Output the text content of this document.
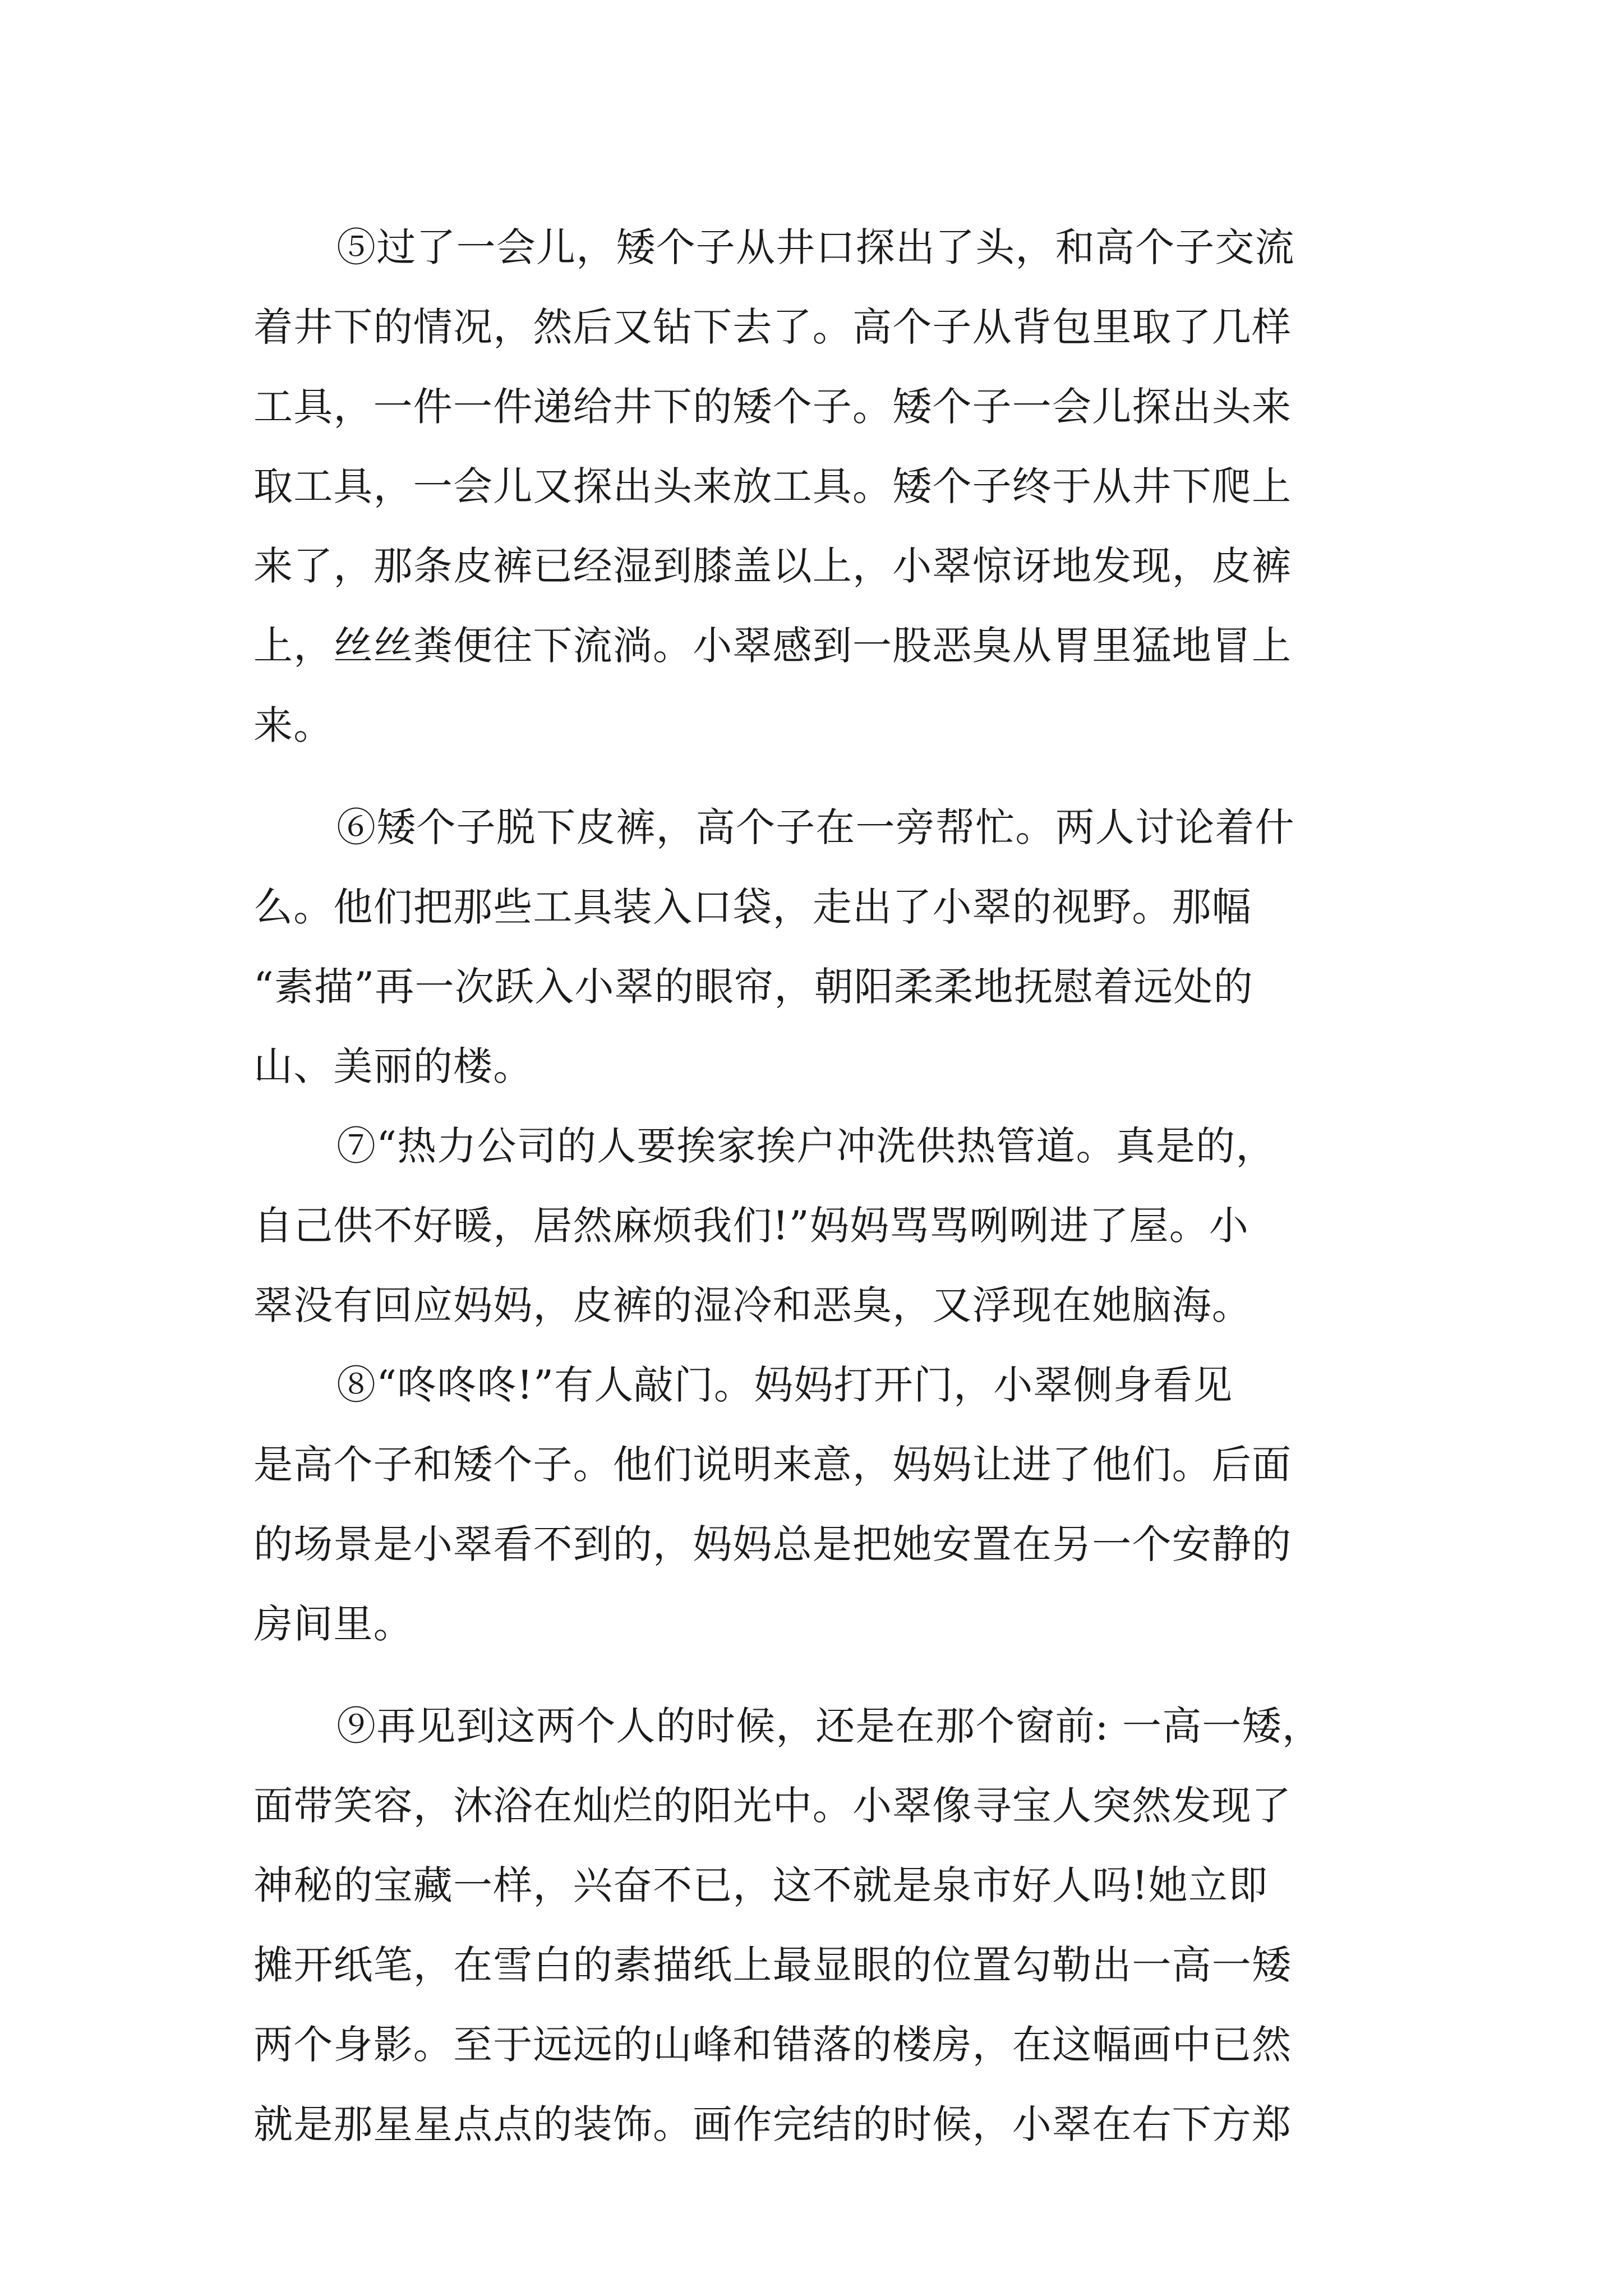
⑤过了一会儿，矮个子从井口探出了头，和高个子交流
着井下的情况，然后又钻下去了。高个子从背包里取了几样
工具，一件一件递给井下的矮个子。矮个子一会儿探出头来
取工具，一会儿又探出头来放工具。矮个子终于从井下爬上
来了，那条皮裤已经湿到膝盖以上，小翠惊讶地发现，皮裤
上，丝丝粪便往下流淌。小翠感到一股恶臭从胃里猛地冒上
来。
⑥矮个子脱下皮裤，高个子在一旁帮忙。两人讨论着什
么。他们把那些工具装入口袋，走出了小翠的视野。那幅
“素描”再一次跃入小翠的眼帘，朝阳柔柔地抚慰着远处的
山、美丽的楼。
⑦“热力公司的人要挨家挨户冲洗供热管道。真是的，
自己供不好暖，居然麻烦我们!”妈妈骂骂咧咧进了屋。小
翠没有回应妈妈，皮裤的湿冷和恶臭，又浮现在她脑海。
⑧“咚咚咚!”有人敲门。妈妈打开门，小翠侧身看见
是高个子和矮个子。他们说明来意，妈妈让进了他们。后面
的场景是小翠看不到的，妈妈总是把她安置在另一个安静的
房间里。
⑨再见到这两个人的时候，还是在那个窗前: 一高一矮，
面带笑容，沐浴在灿烂的阳光中。小翠像寻宝人突然发现了
神秘的宝藏一样，兴奋不已，这不就是泉市好人吗!她立即
摊开纸笔，在雪白的素描纸上最显眼的位置勾勒出一高一矮
两个身影。至于远远的山峰和错落的楼房，在这幅画中已然
就是那星星点点的装饰。画作完结的时候，小翠在右下方郑
